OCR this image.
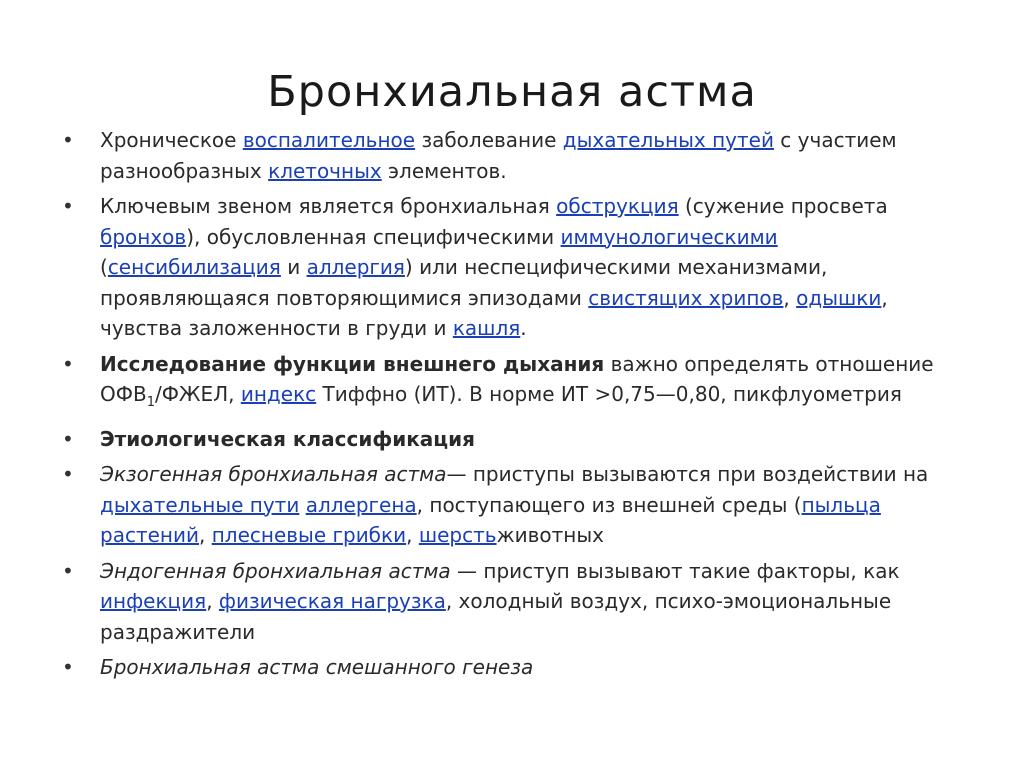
Бронхиальная астма
• Хроническое воспалительное заболевание дыхательных путей с участием разнообразных клеточных элементов.
• Ключевым звеном является бронхиальная обструкция (сужение просвета бронхов), обусловленная специфическими иммунологическими (сенсибилизация и аллергия) или неспецифическими механизмами, проявляющаяся повторяющимися эпизодами свистящих хрипов, одышки, чувства заложенности в груди и кашля.
• Исследование функции внешнего дыхания важно определять отношение $ОФВ_1$/ФЖЕЛ, индекс Тиффно (ИТ). В норме ИТ >0,75—0,80, пикфлуометрия
• Этиологическая классификация
• Экзогенная бронхиальная астма— приступы вызываются при воздействии на дыхательные пути аллергена, поступающего из внешней среды (пыльца растений, плесневые грибки, шерстьживотных
• Эндогенная бронхиальная астма — приступ вызывают такие факторы, как инфекция, физическая нагрузка, холодный воздух, психо-эмоциональные раздражители
• Бронхиальная астма смешанного генеза
